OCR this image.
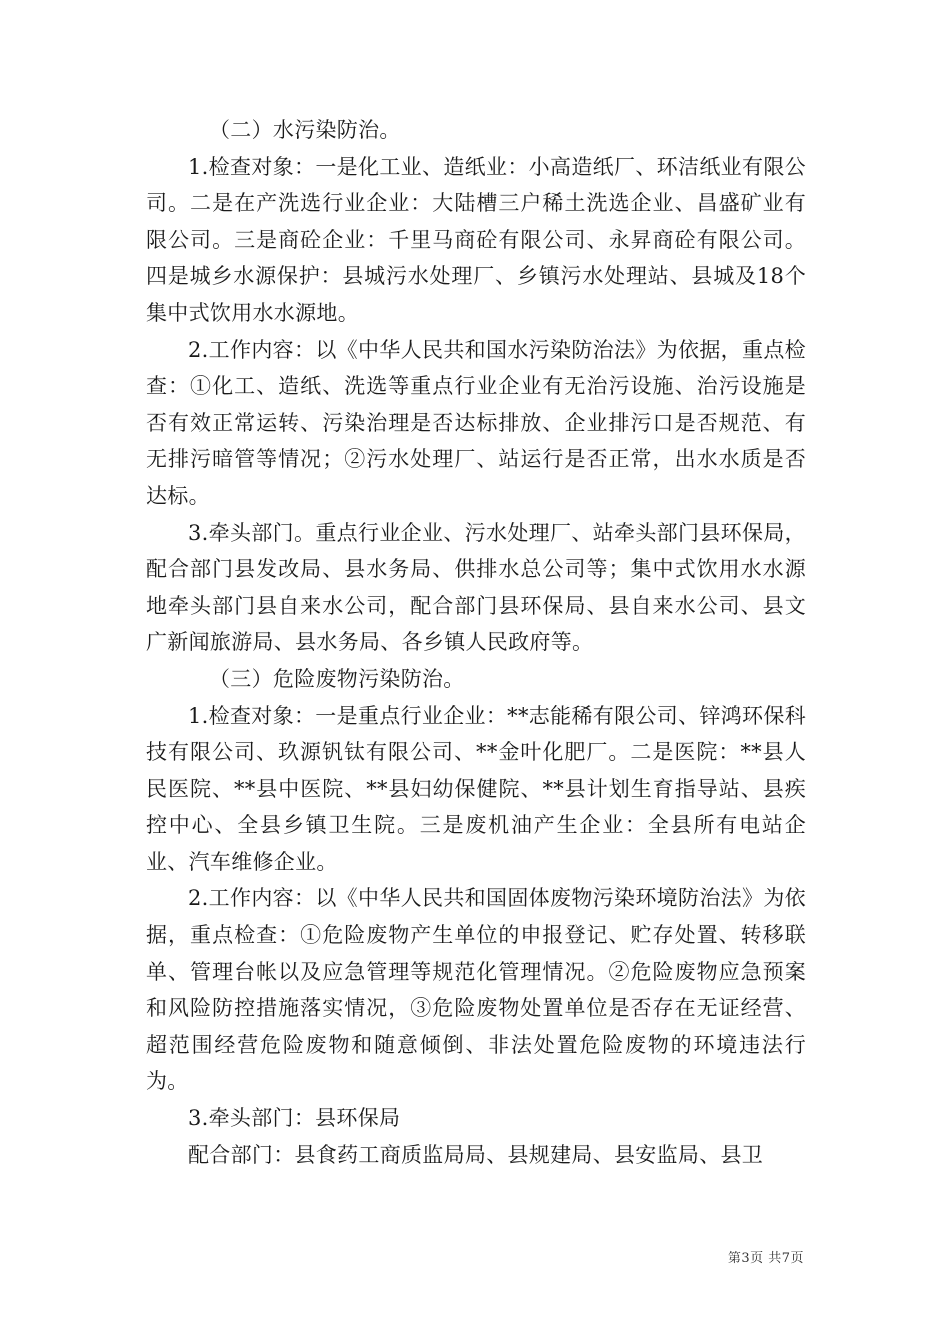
（二）水污染防治。

1.检查对象：一是化工业、造纸业：小高造纸厂、环洁纸业有限公司。二是在产洗选行业企业：大陆槽三户稀土洗选企业、昌盛矿业有限公司。三是商砼企业：千里马商砼有限公司、永昇商砼有限公司。四是城乡水源保护：县城污水处理厂、乡镇污水处理站、县城及18个集中式饮用水水源地。

2.工作内容：以《中华人民共和国水污染防治法》为依据，重点检查：①化工、造纸、洗选等重点行业企业有无治污设施、治污设施是否有效正常运转、污染治理是否达标排放、企业排污口是否规范、有无排污暗管等情况；②污水处理厂、站运行是否正常，出水水质是否达标。

3.牵头部门。重点行业企业、污水处理厂、站牵头部门县环保局，配合部门县发改局、县水务局、供排水总公司等；集中式饮用水水源地牵头部门县自来水公司，配合部门县环保局、县自来水公司、县文广新闻旅游局、县水务局、各乡镇人民政府等。

（三）危险废物污染防治。

1.检查对象：一是重点行业企业：**志能稀有限公司、锌鸿环保科技有限公司、玖源钒钛有限公司、**金叶化肥厂。二是医院：**县人民医院、**县中医院、**县妇幼保健院、**县计划生育指导站、县疾控中心、全县乡镇卫生院。三是废机油产生企业：全县所有电站企业、汽车维修企业。

2.工作内容：以《中华人民共和国固体废物污染环境防治法》为依据，重点检查：①危险废物产生单位的申报登记、贮存处置、转移联单、管理台帐以及应急管理等规范化管理情况。②危险废物应急预案和风险防控措施落实情况，③危险废物处置单位是否存在无证经营、超范围经营危险废物和随意倾倒、非法处置危险废物的环境违法行为。

3.牵头部门：县环保局

配合部门：县食药工商质监局局、县规建局、县安监局、县卫

第3页 共7页
